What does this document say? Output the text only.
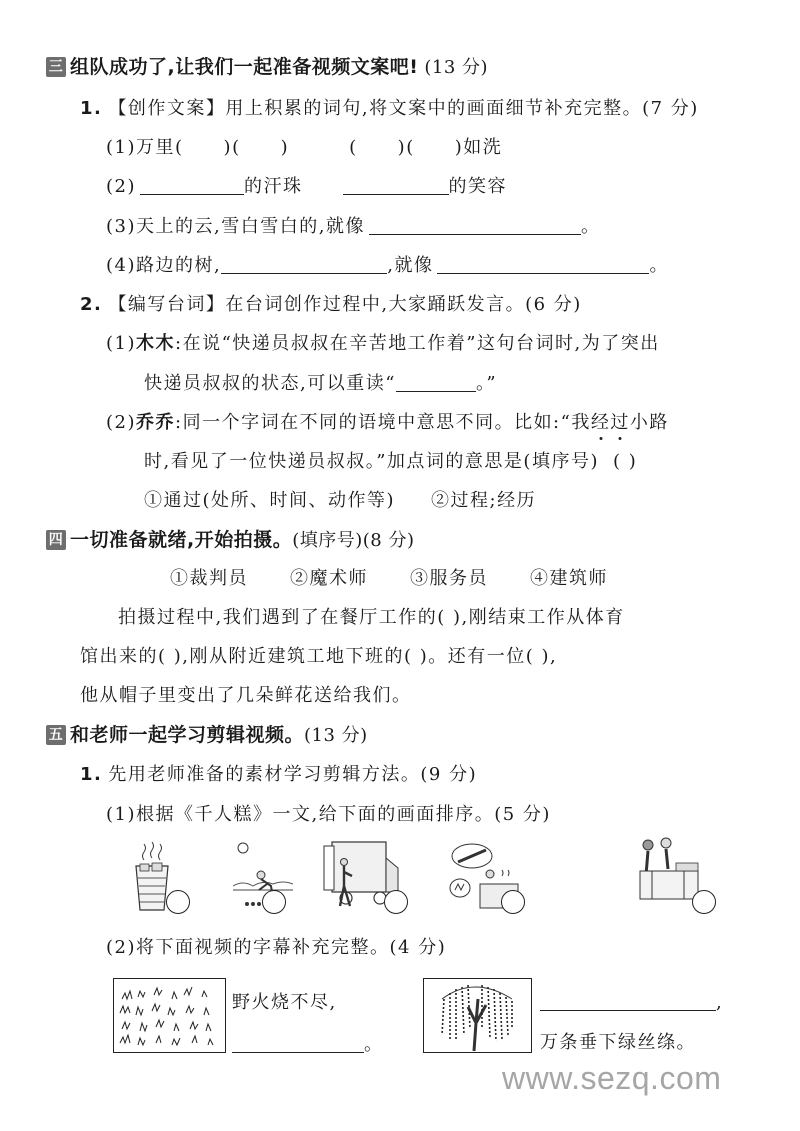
三 组队成功了,让我们一起准备视频文案吧! (13 分)
1. 【创作文案】用上积累的词句,将文案中的画面细节补充完整。(7 分)
(1)万里( )( )	( )( )如洗
(2)	的汗珠	的笑容
(3)天上的云,雪白雪白的,就像	。
(4)路边的树,	,就像	。
2. 【编写台词】在台词创作过程中,大家踊跃发言。(6 分)
(1)木木:在说“快递员叔叔在辛苦地工作着”这句台词时,为了突出
快递员叔叔的状态,可以重读“	。”
(2)乔乔:同一个字词在不同的语境中意思不同。比如:“我经过小路
时,看见了一位快递员叔叔。”加点词的意思是(填序号) ( )
①通过(处所、时间、动作等) ②过程;经历
四 一切准备就绪,开始拍摄。(填序号)(8 分)
①裁判员 ②魔术师 ③服务员 ④建筑师
拍摄过程中,我们遇到了在餐厅工作的( ),刚结束工作从体育
馆出来的( ),刚从附近建筑工地下班的( )。还有一位( ),
他从帽子里变出了几朵鲜花送给我们。
五 和老师一起学习剪辑视频。(13 分)
1. 先用老师准备的素材学习剪辑方法。(9 分)
(1)根据《千人糕》一文,给下面的画面排序。(5 分)
(2)将下面视频的字幕补充完整。(4 分)
野火烧不尽,
。
,
万条垂下绿丝绦。
www.sezq.com
